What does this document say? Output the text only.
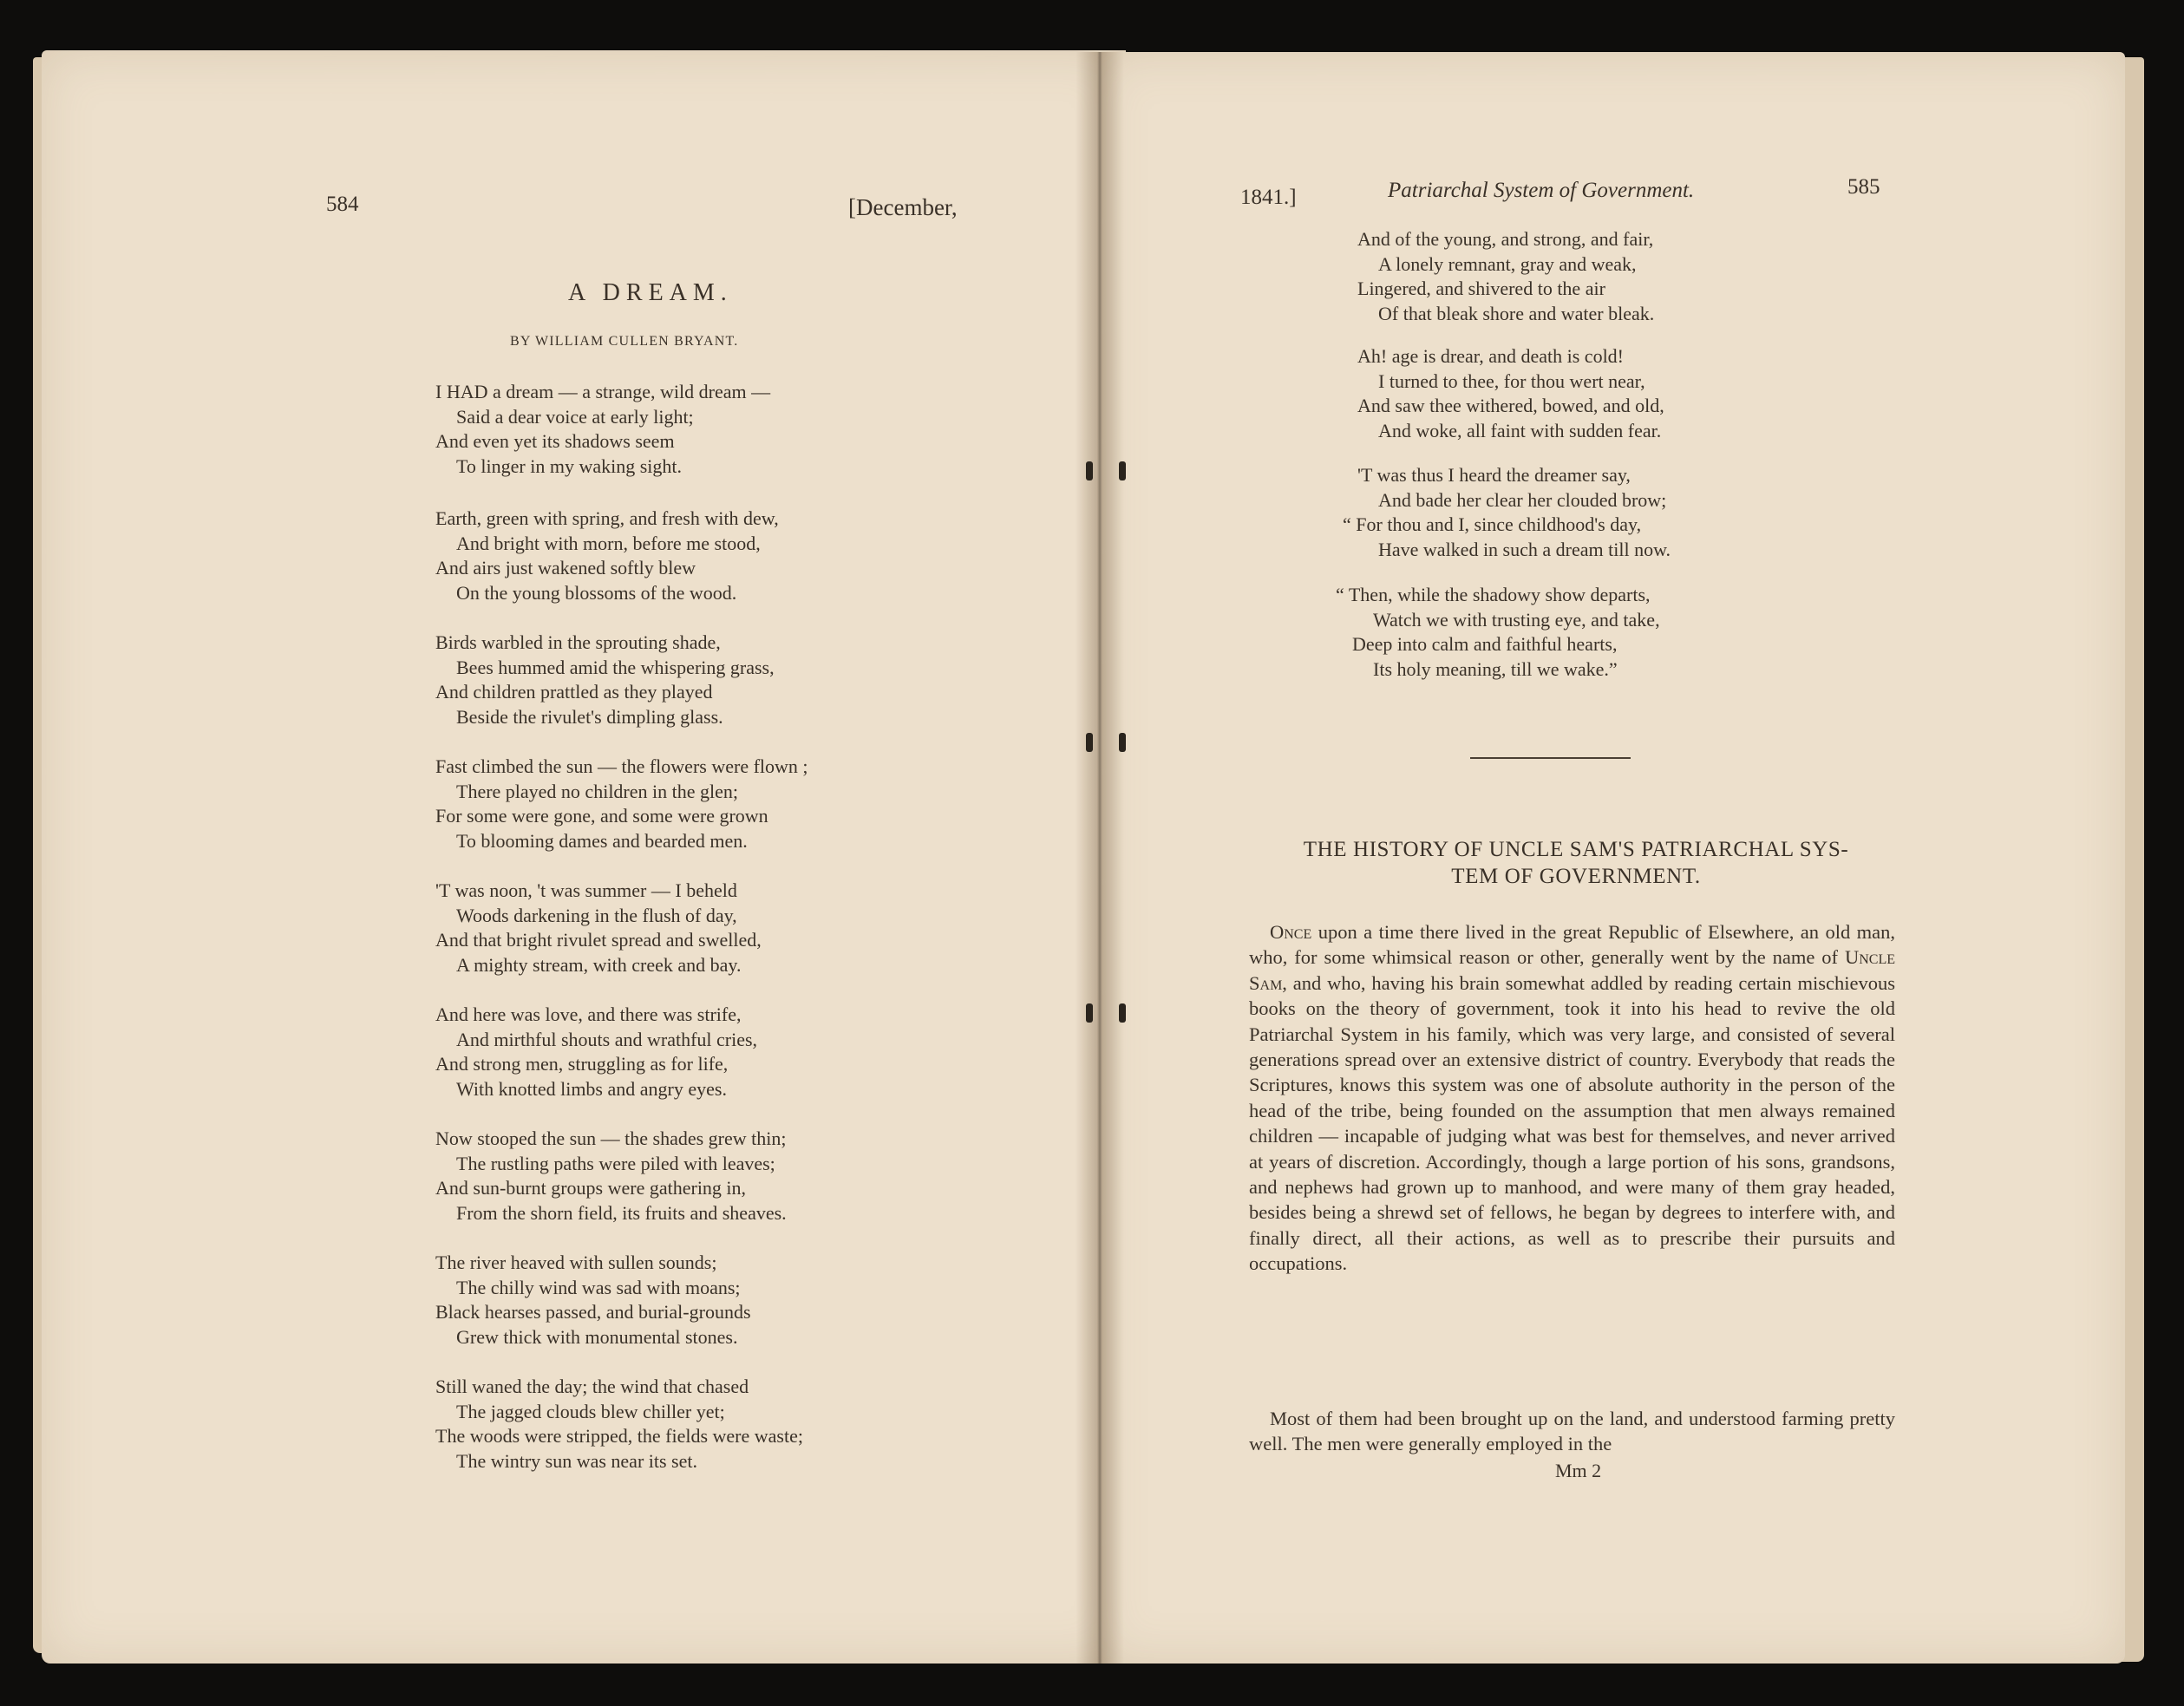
584	[December,
A DREAM.
BY WILLIAM CULLEN BRYANT.
I HAD a dream — a strange, wild dream —
Said a dear voice at early light;
And even yet its shadows seem
To linger in my waking sight.
Earth, green with spring, and fresh with dew,
And bright with morn, before me stood,
And airs just wakened softly blew
On the young blossoms of the wood.
Birds warbled in the sprouting shade,
Bees hummed amid the whispering grass,
And children prattled as they played
Beside the rivulet's dimpling glass.
Fast climbed the sun — the flowers were flown ;
There played no children in the glen;
For some were gone, and some were grown
To blooming dames and bearded men.
'T was noon, 't was summer — I beheld
Woods darkening in the flush of day,
And that bright rivulet spread and swelled,
A mighty stream, with creek and bay.
And here was love, and there was strife,
And mirthful shouts and wrathful cries,
And strong men, struggling as for life,
With knotted limbs and angry eyes.
Now stooped the sun — the shades grew thin;
The rustling paths were piled with leaves;
And sun-burnt groups were gathering in,
From the shorn field, its fruits and sheaves.
The river heaved with sullen sounds;
The chilly wind was sad with moans;
Black hearses passed, and burial-grounds
Grew thick with monumental stones.
Still waned the day; the wind that chased
The jagged clouds blew chiller yet;
The woods were stripped, the fields were waste;
The wintry sun was near its set.
1841.]	Patriarchal System of Government.	585
And of the young, and strong, and fair,
A lonely remnant, gray and weak,
Lingered, and shivered to the air
Of that bleak shore and water bleak.
Ah! age is drear, and death is cold!
I turned to thee, for thou wert near,
And saw thee withered, bowed, and old,
And woke, all faint with sudden fear.
'T was thus I heard the dreamer say,
And bade her clear her clouded brow;
“ For thou and I, since childhood's day,
Have walked in such a dream till now.
“ Then, while the shadowy show departs,
Watch we with trusting eye, and take,
Deep into calm and faithful hearts,
Its holy meaning, till we wake.”
THE HISTORY OF UNCLE SAM'S PATRIARCHAL SYS-
TEM OF GOVERNMENT.

Once upon a time there lived in the great Republic of Elsewhere, an old man, who, for some whimsical reason or other, generally went by the name of Uncle Sam, and who, having his brain somewhat addled by reading certain mischievous books on the theory of government, took it into his head to revive the old Patriarchal System in his family, which was very large, and consisted of several generations spread over an extensive district of country. Everybody that reads the Scriptures, knows this system was one of absolute authority in the person of the head of the tribe, being founded on the assumption that men always remained children — incapable of judging what was best for themselves, and never arrived at years of discretion. Accordingly, though a large portion of his sons, grandsons, and nephews had grown up to manhood, and were many of them gray headed, besides being a shrewd set of fellows, he began by degrees to interfere with, and finally direct, all their actions, as well as to prescribe their pursuits and occupations.

Most of them had been brought up on the land, and understood farming pretty well. The men were generally employed in the

Mm 2
